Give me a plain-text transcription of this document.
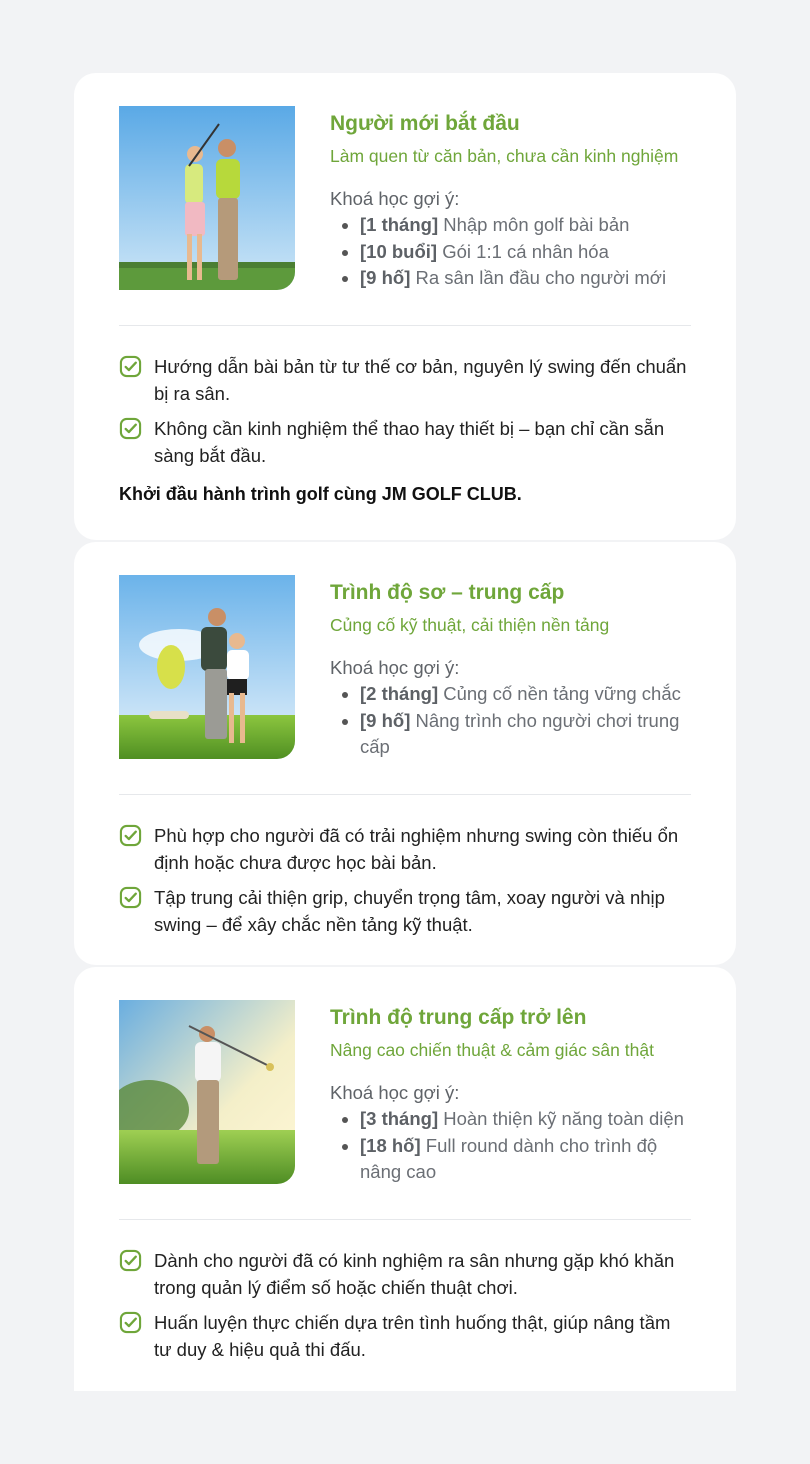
Người mới bắt đầu

Làm quen từ căn bản, chưa cần kinh nghiệm

Khoá học gợi ý:

• [1 tháng] Nhập môn golf bài bản
• [10 buổi] Gói 1:1 cá nhân hóa
• [9 hố] Ra sân lần đầu cho người mới
Hướng dẫn bài bản từ tư thế cơ bản, nguyên lý swing đến chuẩn bị ra sân.
Không cần kinh nghiệm thể thao hay thiết bị – bạn chỉ cần sẵn sàng bắt đầu.
Khởi đầu hành trình golf cùng JM GOLF CLUB.
Trình độ sơ – trung cấp

Củng cố kỹ thuật, cải thiện nền tảng

Khoá học gợi ý:

• [2 tháng] Củng cố nền tảng vững chắc
• [9 hố] Nâng trình cho người chơi trung cấp
Phù hợp cho người đã có trải nghiệm nhưng swing còn thiếu ổn định hoặc chưa được học bài bản.
Tập trung cải thiện grip, chuyển trọng tâm, xoay người và nhịp swing – để xây chắc nền tảng kỹ thuật.
Trình độ trung cấp trở lên

Nâng cao chiến thuật & cảm giác sân thật

Khoá học gợi ý:

• [3 tháng] Hoàn thiện kỹ năng toàn diện
• [18 hố] Full round dành cho trình độ nâng cao
Dành cho người đã có kinh nghiệm ra sân nhưng gặp khó khăn trong quản lý điểm số hoặc chiến thuật chơi.
Huấn luyện thực chiến dựa trên tình huống thật, giúp nâng tầm tư duy & hiệu quả thi đấu.
